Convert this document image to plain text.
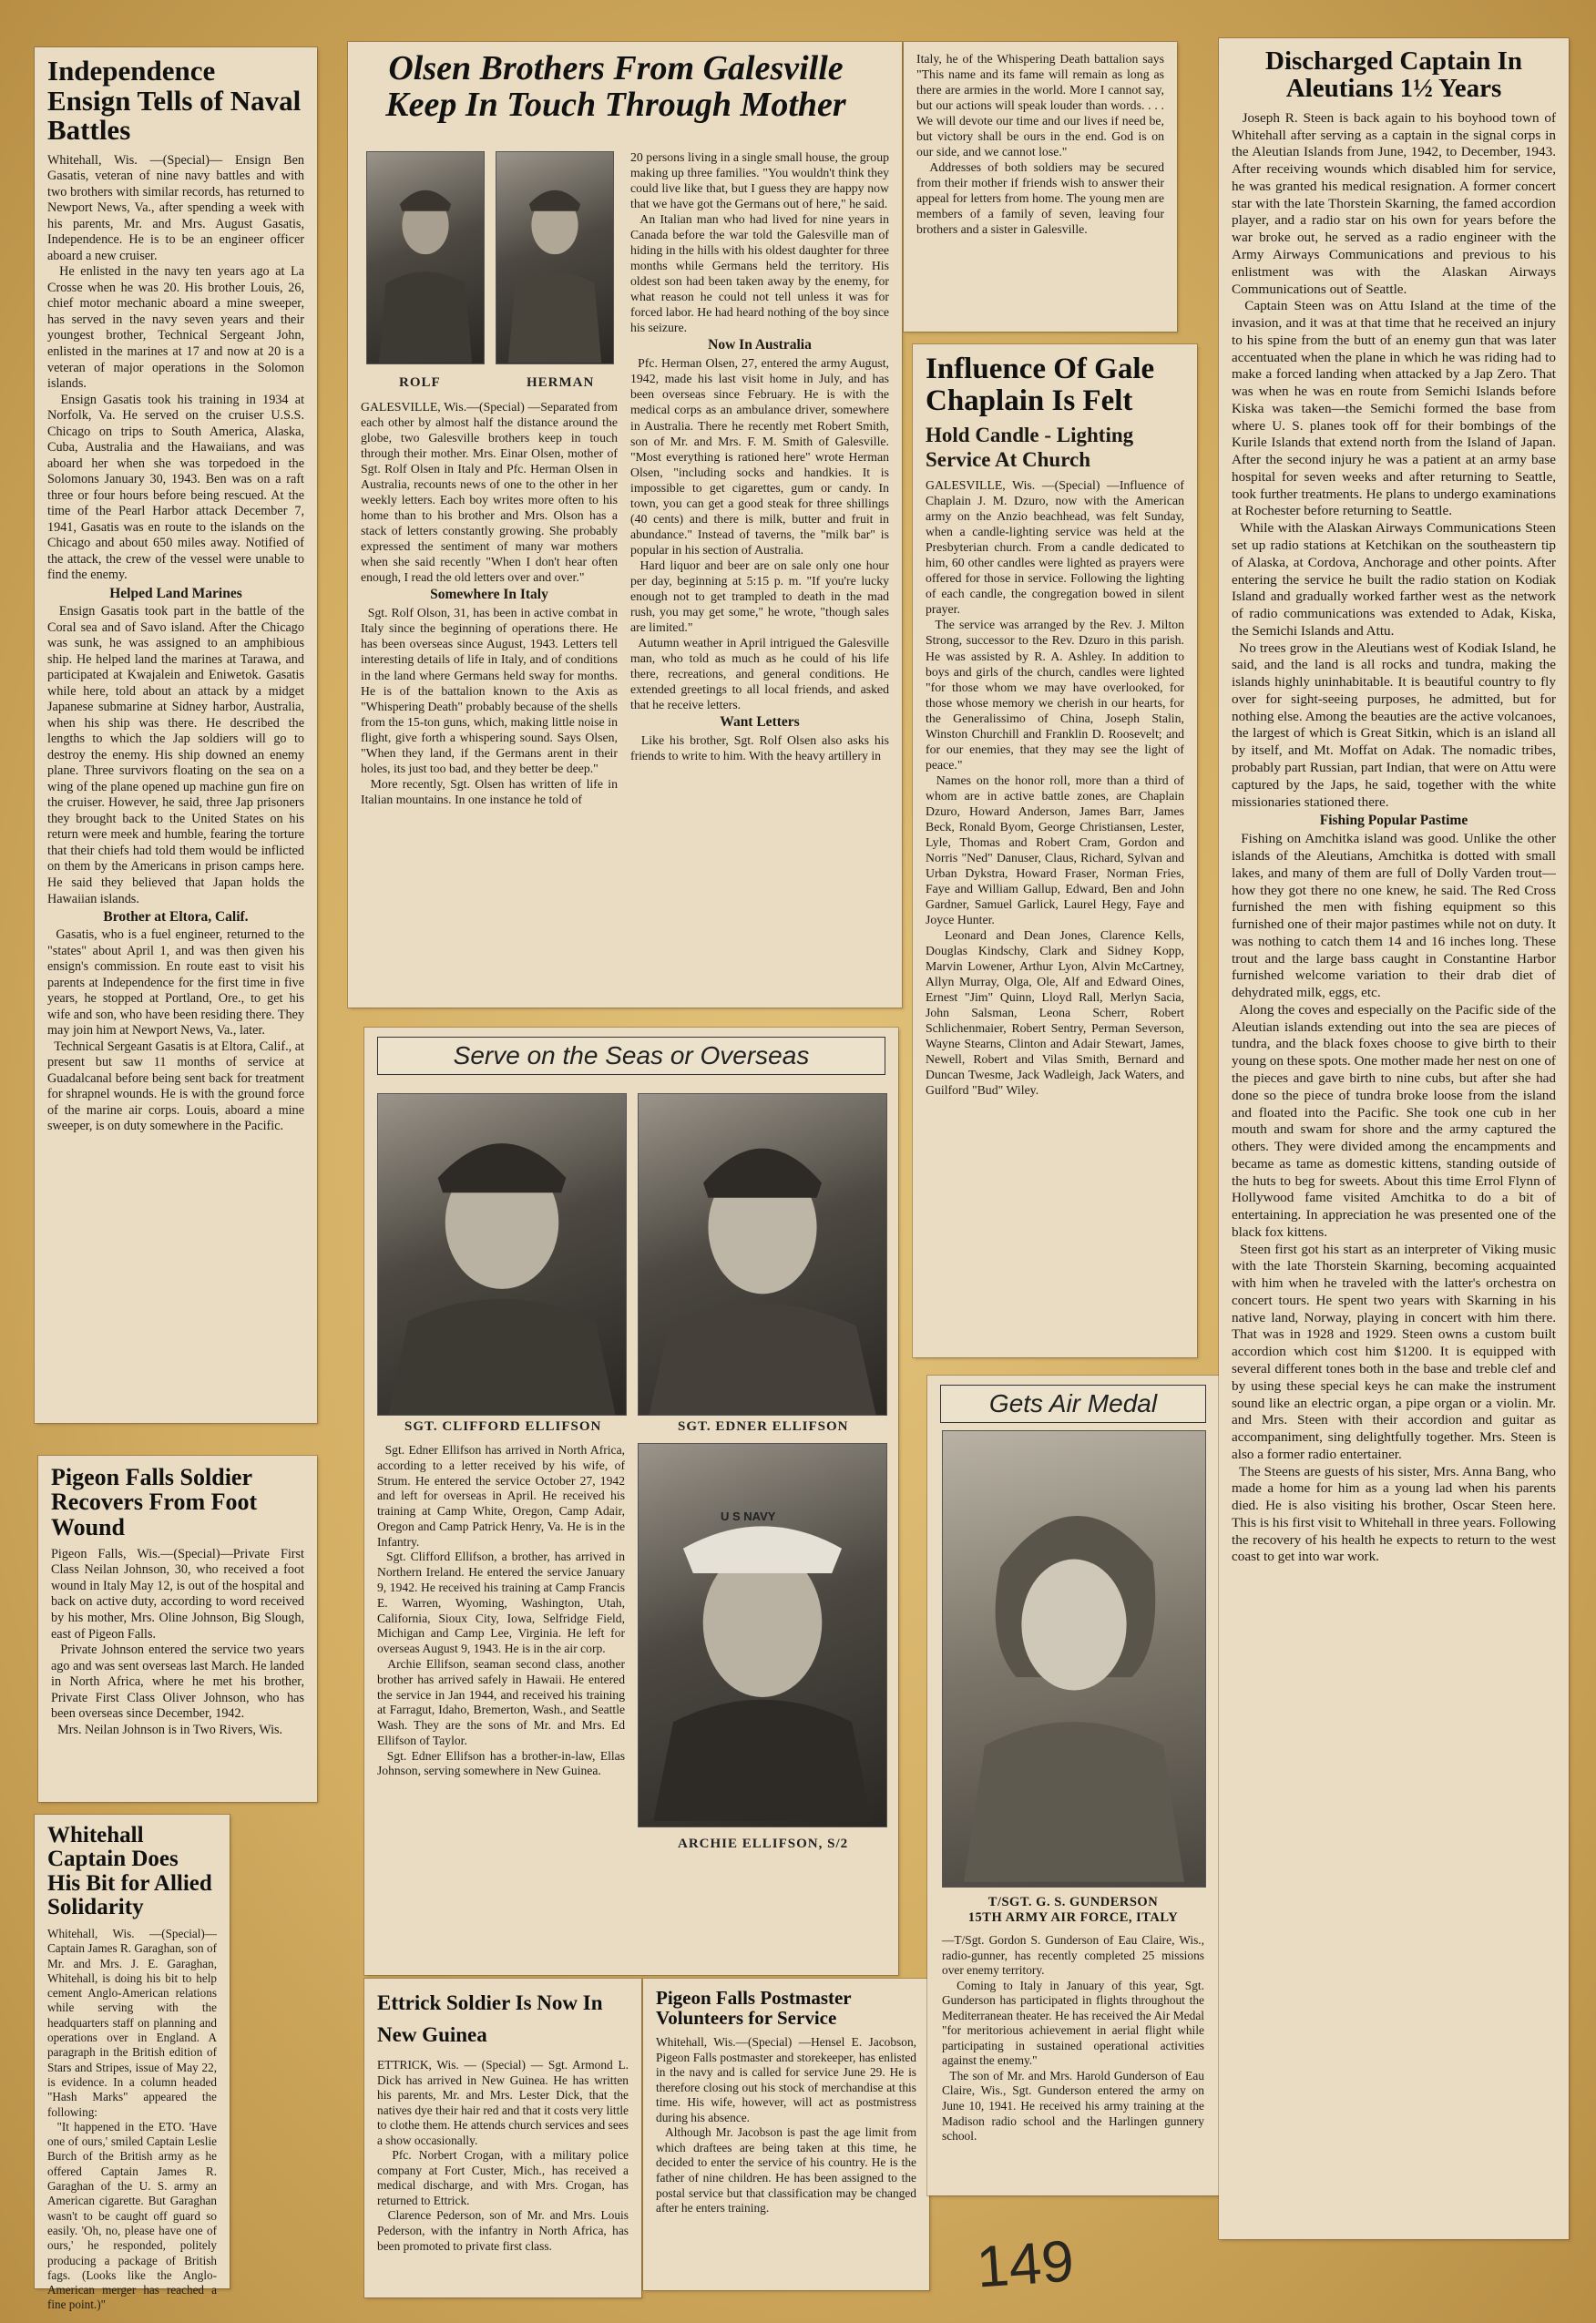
Independence Ensign Tells of Naval Battles

Whitehall, Wis. —(Special)— Ensign Ben Gasatis, veteran of nine navy battles and with two brothers with similar records, has returned to Newport News, Va., after spending a week with his parents, Mr. and Mrs. August Gasatis, Independence. He is to be an engineer officer aboard a new cruiser.
He enlisted in the navy ten years ago at La Crosse when he was 20. His brother Louis, 26, chief motor mechanic aboard a mine sweeper, has served in the navy seven years and their youngest brother, Technical Sergeant John, enlisted in the marines at 17 and now at 20 is a veteran of major operations in the Solomon islands.
Ensign Gasatis took his training in 1934 at Norfolk, Va. He served on the cruiser U.S.S. Chicago on trips to South America, Alaska, Cuba, Australia and the Hawaiians, and was aboard her when she was torpedoed in the Solomons January 30, 1943. Ben was on a raft three or four hours before being rescued. At the time of the Pearl Harbor attack December 7, 1941, Gasatis was en route to the islands on the Chicago and about 650 miles away. Notified of the attack, the crew of the vessel were unable to find the enemy.

Helped Land Marines

Ensign Gasatis took part in the battle of the Coral sea and of Savo island. After the Chicago was sunk, he was assigned to an amphibious ship. He helped land the marines at Tarawa, and participated at Kwajalein and Eniwetok. Gasatis while here, told about an attack by a midget Japanese submarine at Sidney harbor, Australia, when his ship was there. He described the lengths to which the Jap soldiers will go to destroy the enemy. His ship downed an enemy plane. Three survivors floating on the sea on a wing of the plane opened up machine gun fire on the cruiser. However, he said, three Jap prisoners they brought back to the United States on his return were meek and humble, fearing the torture that their chiefs had told them would be inflicted on them by the Americans in prison camps here. He said they believed that Japan holds the Hawaiian islands.

Brother at Eltora, Calif.

Gasatis, who is a fuel engineer, returned to the "states" about April 1, and was then given his ensign's commission. En route east to visit his parents at Independence for the first time in five years, he stopped at Portland, Ore., to get his wife and son, who have been residing there. They may join him at Newport News, Va., later.
Technical Sergeant Gasatis is at Eltora, Calif., at present but saw 11 months of service at Guadalcanal before being sent back for treatment for shrapnel wounds. He is with the ground force of the marine air corps. Louis, aboard a mine sweeper, is on duty somewhere in the Pacific.

Pigeon Falls Soldier Recovers From Foot Wound

Pigeon Falls, Wis.—(Special)—Private First Class Neilan Johnson, 30, who received a foot wound in Italy May 12, is out of the hospital and back on active duty, according to word received by his mother, Mrs. Oline Johnson, Big Slough, east of Pigeon Falls.
Private Johnson entered the service two years ago and was sent overseas last March. He landed in North Africa, where he met his brother, Private First Class Oliver Johnson, who has been overseas since December, 1942.
Mrs. Neilan Johnson is in Two Rivers, Wis.

Whitehall Captain Does His Bit for Allied Solidarity

Whitehall, Wis. —(Special)— Captain James R. Garaghan, son of Mr. and Mrs. J. E. Garaghan, Whitehall, is doing his bit to help cement Anglo-American relations while serving with the headquarters staff on planning and operations over in England. A paragraph in the British edition of Stars and Stripes, issue of May 22, is evidence. In a column headed "Hash Marks" appeared the following:
"It happened in the ETO. 'Have one of ours,' smiled Captain Leslie Burch of the British army as he offered Captain James R. Garaghan of the U. S. army an American cigarette. But Garaghan wasn't to be caught off guard so easily. 'Oh, no, please have one of ours,' he responded, politely producing a package of British fags. (Looks like the Anglo-American merger has reached a fine point.)"

Olsen Brothers From Galesville Keep In Touch Through Mother
ROLF	HERMAN

GALESVILLE, Wis.—(Special) —Separated from each other by almost half the distance around the globe, two Galesville brothers keep in touch through their mother. Mrs. Einar Olsen, mother of Sgt. Rolf Olsen in Italy and Pfc. Herman Olsen in Australia, recounts news of one to the other in her weekly letters. Each boy writes more often to his home than to his brother and Mrs. Olson has a stack of letters constantly growing. She probably expressed the sentiment of many war mothers when she said recently "When I don't hear often enough, I read the old letters over and over."

Somewhere In Italy

Sgt. Rolf Olson, 31, has been in active combat in Italy since the beginning of operations there. He has been overseas since August, 1943. Letters tell interesting details of life in Italy, and of conditions in the land where Germans held sway for months. He is of the battalion known to the Axis as "Whispering Death" probably because of the shells from the 15-ton guns, which, making little noise in flight, give forth a whispering sound. Says Olsen, "When they land, if the Germans arent in their holes, its just too bad, and they better be deep."
More recently, Sgt. Olsen has written of life in Italian mountains. In one instance he told of

20 persons living in a single small house, the group making up three families. "You wouldn't think they could live like that, but I guess they are happy now that we have got the Germans out of here," he said.
An Italian man who had lived for nine years in Canada before the war told the Galesville man of hiding in the hills with his oldest daughter for three months while Germans held the territory. His oldest son had been taken away by the enemy, for what reason he could not tell unless it was for forced labor. He had heard nothing of the boy since his seizure.

Now In Australia

Pfc. Herman Olsen, 27, entered the army August, 1942, made his last visit home in July, and has been overseas since February. He is with the medical corps as an ambulance driver, somewhere in Australia. There he recently met Robert Smith, son of Mr. and Mrs. F. M. Smith of Galesville. "Most everything is rationed here" wrote Herman Olsen, "including socks and handkies. It is impossible to get cigarettes, gum or candy. In town, you can get a good steak for three shillings (40 cents) and there is milk, butter and fruit in abundance." Instead of taverns, the "milk bar" is popular in his section of Australia.
Hard liquor and beer are on sale only one hour per day, beginning at 5:15 p. m. "If you're lucky enough not to get trampled to death in the mad rush, you may get some," he wrote, "though sales are limited."
Autumn weather in April intrigued the Galesville man, who told as much as he could of his life there, recreations, and general conditions. He extended greetings to all local friends, and asked that he receive letters.

Want Letters

Like his brother, Sgt. Rolf Olsen also asks his friends to write to him. With the heavy artillery in

Italy, he of the Whispering Death battalion says "This name and its fame will remain as long as there are armies in the world. More I cannot say, but our actions will speak louder than words. . . . We will devote our time and our lives if need be, but victory shall be ours in the end. God is on our side, and we cannot lose."
Addresses of both soldiers may be secured from their mother if friends wish to answer their appeal for letters from home. The young men are members of a family of seven, leaving four brothers and a sister in Galesville.

Serve on the Seas or Overseas
SGT. CLIFFORD ELLIFSON	SGT. EDNER ELLIFSON

Sgt. Edner Ellifson has arrived in North Africa, according to a letter received by his wife, of Strum. He entered the service October 27, 1942 and left for overseas in April. He received his training at Camp White, Oregon, Camp Adair, Oregon and Camp Patrick Henry, Va. He is in the Infantry.
Sgt. Clifford Ellifson, a brother, has arrived in Northern Ireland. He entered the service January 9, 1942. He received his training at Camp Francis E. Warren, Wyoming, Washington, Utah, California, Sioux City, Iowa, Selfridge Field, Michigan and Camp Lee, Virginia. He left for overseas August 9, 1943. He is in the air corp.
Archie Ellifson, seaman second class, another brother has arrived safely in Hawaii. He entered the service in Jan 1944, and received his training at Farragut, Idaho, Bremerton, Wash., and Seattle Wash. They are the sons of Mr. and Mrs. Ed Ellifson of Taylor.
Sgt. Edner Ellifson has a brother-in-law, Ellas Johnson, serving somewhere in New Guinea.

U S NAVY
ARCHIE ELLIFSON, S/2
Ettrick Soldier Is Now In New Guinea

ETTRICK, Wis. — (Special) — Sgt. Armond L. Dick has arrived in New Guinea. He has written his parents, Mr. and Mrs. Lester Dick, that the natives dye their hair red and that it costs very little to clothe them. He attends church services and sees a show occasionally.
Pfc. Norbert Crogan, with a military police company at Fort Custer, Mich., has received a medical discharge, and with Mrs. Crogan, has returned to Ettrick.
Clarence Pederson, son of Mr. and Mrs. Louis Pederson, with the infantry in North Africa, has been promoted to private first class.

Pigeon Falls Postmaster Volunteers for Service

Whitehall, Wis.—(Special) —Hensel E. Jacobson, Pigeon Falls postmaster and storekeeper, has enlisted in the navy and is called for service June 29. He is therefore closing out his stock of merchandise at this time. His wife, however, will act as postmistress during his absence.
Although Mr. Jacobson is past the age limit from which draftees are being taken at this time, he decided to enter the service of his country. He is the father of nine children. He has been assigned to the postal service but that classification may be changed after he enters training.

Influence Of Gale Chaplain Is Felt
Hold Candle - Lighting Service At Church

GALESVILLE, Wis. —(Special) —Influence of Chaplain J. M. Dzuro, now with the American army on the Anzio beachhead, was felt Sunday, when a candle-lighting service was held at the Presbyterian church. From a candle dedicated to him, 60 other candles were lighted as prayers were offered for those in service. Following the lighting of each candle, the congregation bowed in silent prayer.
The service was arranged by the Rev. J. Milton Strong, successor to the Rev. Dzuro in this parish. He was assisted by R. A. Ashley. In addition to boys and girls of the church, candles were lighted "for those whom we may have overlooked, for those whose memory we cherish in our hearts, for the Generalissimo of China, Joseph Stalin, Winston Churchill and Franklin D. Roosevelt; and for our enemies, that they may see the light of peace."
Names on the honor roll, more than a third of whom are in active battle zones, are Chaplain Dzuro, Howard Anderson, James Barr, James Beck, Ronald Byom, George Christiansen, Lester, Lyle, Thomas and Robert Cram, Gordon and Norris "Ned" Danuser, Claus, Richard, Sylvan and Urban Dykstra, Howard Fraser, Norman Fries, Faye and William Gallup, Edward, Ben and John Gardner, Samuel Garlick, Laurel Hegy, Faye and Joyce Hunter.
Leonard and Dean Jones, Clarence Kells, Douglas Kindschy, Clark and Sidney Kopp, Marvin Lowener, Arthur Lyon, Alvin McCartney, Allyn Murray, Olga, Ole, Alf and Edward Oines, Ernest "Jim" Quinn, Lloyd Rall, Merlyn Sacia, John Salsman, Leona Scherr, Robert Schlichenmaier, Robert Sentry, Perman Severson, Wayne Stearns, Clinton and Adair Stewart, James, Newell, Robert and Vilas Smith, Bernard and Duncan Twesme, Jack Wadleigh, Jack Waters, and Guilford "Bud" Wiley.

Gets Air Medal
T/SGT. G. S. GUNDERSON
15TH ARMY AIR FORCE, ITALY

—T/Sgt. Gordon S. Gunderson of Eau Claire, Wis., radio-gunner, has recently completed 25 missions over enemy territory.
Coming to Italy in January of this year, Sgt. Gunderson has participated in flights throughout the Mediterranean theater. He has received the Air Medal "for meritorious achievement in aerial flight while participating in sustained operational activities against the enemy."
The son of Mr. and Mrs. Harold Gunderson of Eau Claire, Wis., Sgt. Gunderson entered the army on June 10, 1941. He received his army training at the Madison radio school and the Harlingen gunnery school.

Discharged Captain In Aleutians 1½ Years

Joseph R. Steen is back again to his boyhood town of Whitehall after serving as a captain in the signal corps in the Aleutian Islands from June, 1942, to December, 1943. After receiving wounds which disabled him for service, he was granted his medical resignation. A former concert star with the late Thorstein Skarning, the famed accordion player, and a radio star on his own for years before the war broke out, he served as a radio engineer with the Army Airways Communications and previous to his enlistment was with the Alaskan Airways Communications out of Seattle.
Captain Steen was on Attu Island at the time of the invasion, and it was at that time that he received an injury to his spine from the butt of an enemy gun that was later accentuated when the plane in which he was riding had to make a forced landing when attacked by a Jap Zero. That was when he was en route from Semichi Islands before Kiska was taken—the Semichi formed the base from where U. S. planes took off for their bombings of the Kurile Islands that extend north from the Island of Japan. After the second injury he was a patient at an army base hospital for seven weeks and after returning to Seattle, took further treatments. He plans to undergo examinations at Rochester before returning to Seattle.
While with the Alaskan Airways Communications Steen set up radio stations at Ketchikan on the southeastern tip of Alaska, at Cordova, Anchorage and other points. After entering the service he built the radio station on Kodiak Island and gradually worked farther west as the network of radio communications was extended to Adak, Kiska, the Semichi Islands and Attu.
No trees grow in the Aleutians west of Kodiak Island, he said, and the land is all rocks and tundra, making the islands highly uninhabitable. It is beautiful country to fly over for sight-seeing purposes, he admitted, but for nothing else. Among the beauties are the active volcanoes, the largest of which is Great Sitkin, which is an island all by itself, and Mt. Moffat on Adak. The nomadic tribes, probably part Russian, part Indian, that were on Attu were captured by the Japs, he said, together with the white missionaries stationed there.

Fishing Popular Pastime

Fishing on Amchitka island was good. Unlike the other islands of the Aleutians, Amchitka is dotted with small lakes, and many of them are full of Dolly Varden trout—how they got there no one knew, he said. The Red Cross furnished the men with fishing equipment so this furnished one of their major pastimes while not on duty. It was nothing to catch them 14 and 16 inches long. These trout and the large bass caught in Constantine Harbor furnished welcome variation to their drab diet of dehydrated milk, eggs, etc.
Along the coves and especially on the Pacific side of the Aleutian islands extending out into the sea are pieces of tundra, and the black foxes choose to give birth to their young on these spots. One mother made her nest on one of the pieces and gave birth to nine cubs, but after she had done so the piece of tundra broke loose from the island and floated into the Pacific. She took one cub in her mouth and swam for shore and the army captured the others. They were divided among the encampments and became as tame as domestic kittens, standing outside of the huts to beg for sweets. About this time Errol Flynn of Hollywood fame visited Amchitka to do a bit of entertaining. In appreciation he was presented one of the black fox kittens.
Steen first got his start as an interpreter of Viking music with the late Thorstein Skarning, becoming acquainted with him when he traveled with the latter's orchestra on concert tours. He spent two years with Skarning in his native land, Norway, playing in concert with him there. That was in 1928 and 1929. Steen owns a custom built accordion which cost him $1200. It is equipped with several different tones both in the base and treble clef and by using these special keys he can make the instrument sound like an electric organ, a pipe organ or a violin. Mr. and Mrs. Steen with their accordion and guitar as accompaniment, sing delightfully together. Mrs. Steen is also a former radio entertainer.
The Steens are guests of his sister, Mrs. Anna Bang, who made a home for him as a young lad when his parents died. He is also visiting his brother, Oscar Steen here. This is his first visit to Whitehall in three years. Following the recovery of his health he expects to return to the west coast to get into war work.

149
